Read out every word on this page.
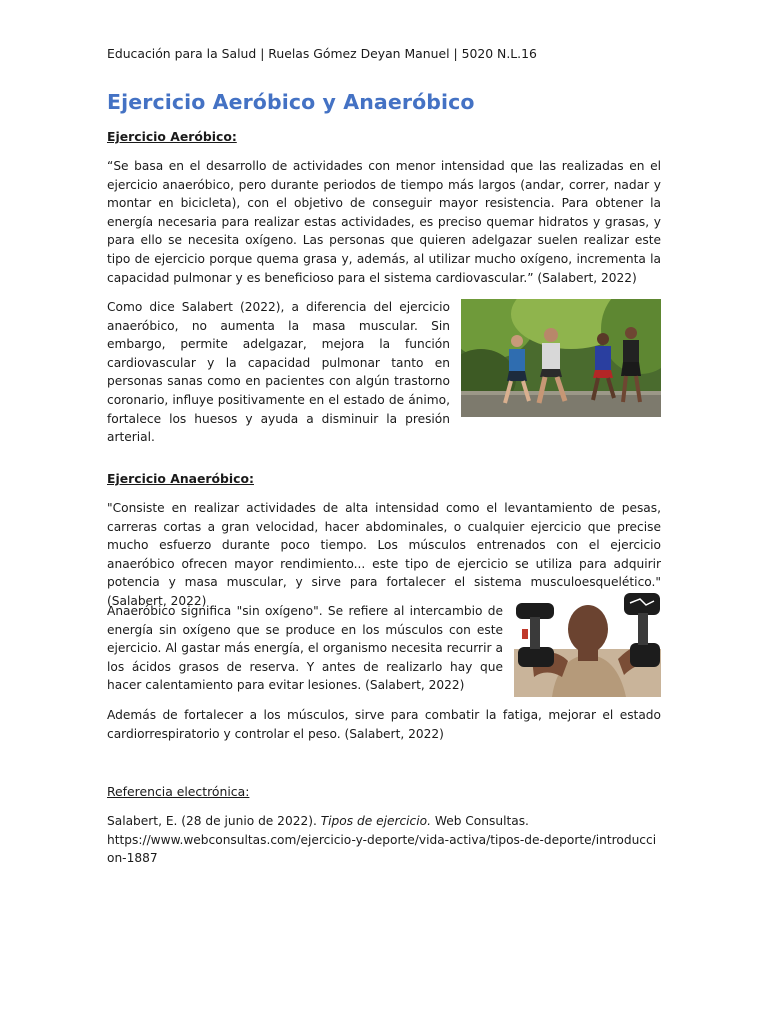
Educación para la Salud | Ruelas Gómez Deyan Manuel | 5020 N.L.16
Ejercicio Aeróbico y Anaeróbico
Ejercicio Aeróbico:

“Se basa en el desarrollo de actividades con menor intensidad que las realizadas en el ejercicio anaeróbico, pero durante periodos de tiempo más largos (andar, correr, nadar y montar en bicicleta), con el objetivo de conseguir mayor resistencia. Para obtener la energía necesaria para realizar estas actividades, es preciso quemar hidratos y grasas, y para ello se necesita oxígeno. Las personas que quieren adelgazar suelen realizar este tipo de ejercicio porque quema grasa y, además, al utilizar mucho oxígeno, incrementa la capacidad pulmonar y es beneficioso para el sistema cardiovascular.” (Salabert, 2022)

Como dice Salabert (2022), a diferencia del ejercicio anaeróbico, no aumenta la masa muscular. Sin embargo, permite adelgazar, mejora la función cardiovascular y la capacidad pulmonar tanto en personas sanas como en pacientes con algún trastorno coronario, influye positivamente en el estado de ánimo, fortalece los huesos y ayuda a disminuir la presión arterial.

Ejercicio Anaeróbico:

"Consiste en realizar actividades de alta intensidad como el levantamiento de pesas, carreras cortas a gran velocidad, hacer abdominales, o cualquier ejercicio que precise mucho esfuerzo durante poco tiempo. Los músculos entrenados con el ejercicio anaeróbico ofrecen mayor rendimiento... este tipo de ejercicio se utiliza para adquirir potencia y masa muscular, y sirve para fortalecer el sistema musculoesquelético."(Salabert, 2022)

Anaeróbico significa "sin oxígeno". Se refiere al intercambio de energía sin oxígeno que se produce en los músculos con este ejercicio. Al gastar más energía, el organismo necesita recurrir a los ácidos grasos de reserva. Y antes de realizarlo hay que hacer calentamiento para evitar lesiones. (Salabert, 2022)

Además de fortalecer a los músculos, sirve para combatir la fatiga, mejorar el estado cardiorrespiratorio y controlar el peso. (Salabert, 2022)

Referencia electrónica:

Salabert, E. (28 de junio de 2022). Tipos de ejercicio. Web Consultas.
https://www.webconsultas.com/ejercicio-y-deporte/vida-activa/tipos-de-deporte/introduccion-1887
